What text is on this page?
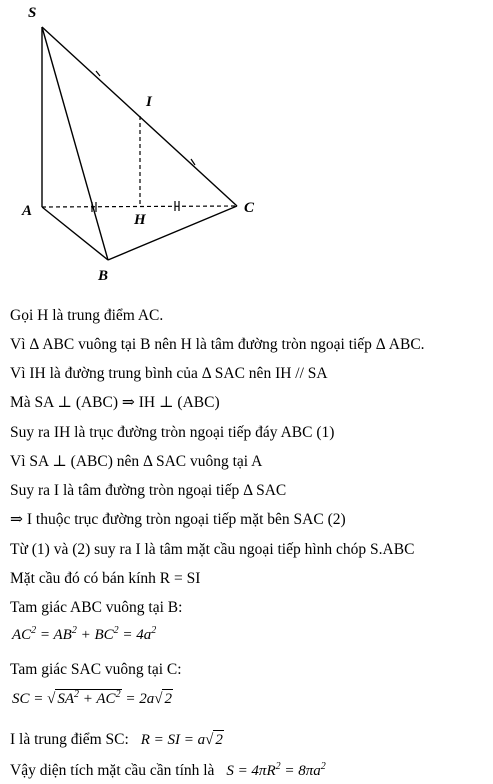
S
I
A
H
C
B
Gọi H là trung điểm AC.
Vì Δ ABC vuông tại B nên H là tâm đường tròn ngoại tiếp Δ ABC.
Vì IH là đường trung bình của Δ SAC nên IH // SA
Mà SA ⊥ (ABC) ⇒ IH ⊥ (ABC)
Suy ra IH là trục đường tròn ngoại tiếp đáy ABC (1)
Vì SA ⊥ (ABC) nên Δ SAC vuông tại A
Suy ra I là tâm đường tròn ngoại tiếp Δ SAC
⇒ I thuộc trục đường tròn ngoại tiếp mặt bên SAC (2)
Từ (1) và (2) suy ra I là tâm mặt cầu ngoại tiếp hình chóp S.ABC
Mặt cầu đó có bán kính R = SI
Tam giác ABC vuông tại B:
$AC^2 = AB^2 + BC^2 = 4a^2$
Tam giác SAC vuông tại C:
SC = √ $SA^2 + AC^2 = 2a√$ 2
I là trung điểm SC: R = SI = a√ 2
Vậy diện tích mặt cầu cần tính là $S = 4\pi R^2 = 8\pi a^2$
